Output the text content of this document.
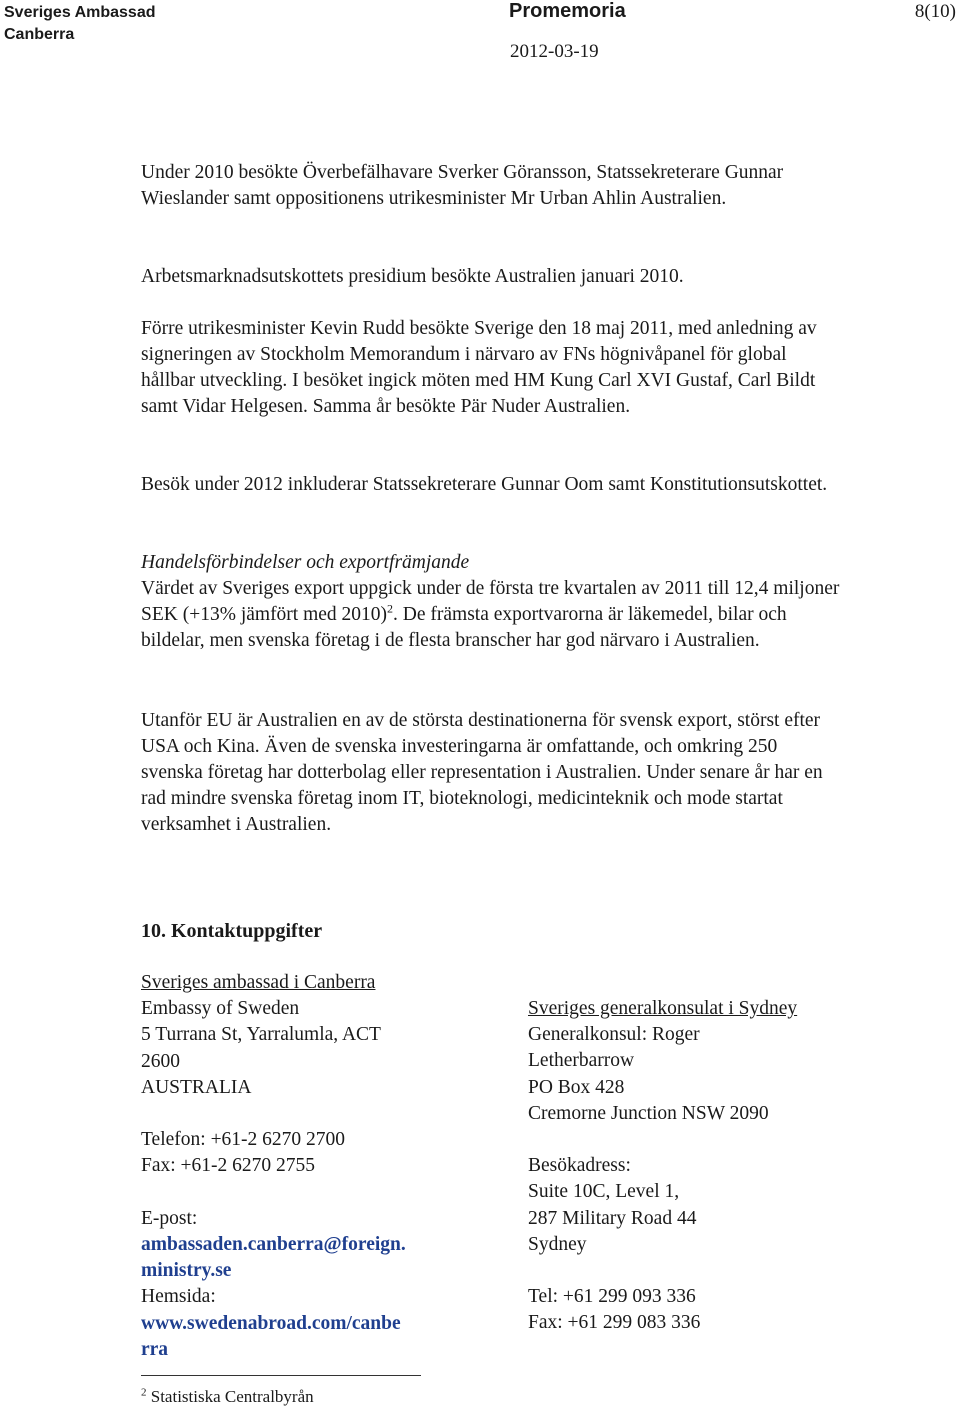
Sveriges Ambassad
Canberra
Promemoria
2012-03-19
8(10)

Under 2010 besökte Överbefälhavare Sverker Göransson, Statssekreterare Gunnar Wieslander samt oppositionens utrikesminister Mr Urban Ahlin Australien.

Arbetsmarknadsutskottets presidium besökte Australien januari 2010.

Förre utrikesminister Kevin Rudd besökte Sverige den 18 maj 2011, med anledning av signeringen av Stockholm Memorandum i närvaro av FNs högnivåpanel för global hållbar utveckling. I besöket ingick möten med HM Kung Carl XVI Gustaf, Carl Bildt samt Vidar Helgesen. Samma år besökte Pär Nuder Australien.

Besök under 2012 inkluderar Statssekreterare Gunnar Oom samt Konstitutionsutskottet.

Handelsförbindelser och exportfrämjande

Värdet av Sveriges export uppgick under de första tre kvartalen av 2011 till 12,4 miljoner SEK (+13% jämfört med 2010)$^2$. De främsta exportvarorna är läkemedel, bilar och bildelar, men svenska företag i de flesta branscher har god närvaro i Australien.

Utanför EU är Australien en av de största destinationerna för svensk export, störst efter USA och Kina. Även de svenska investeringarna är omfattande, och omkring 250 svenska företag har dotterbolag eller representation i Australien. Under senare år har en rad mindre svenska företag inom IT, bioteknologi, medicinteknik och mode startat verksamhet i Australien.

10. Kontaktuppgifter
Sveriges ambassad i Canberra
Embassy of Sweden
5 Turrana St, Yarralumla, ACT
2600
AUSTRALIA
Telefon: +61-2 6270 2700
Fax: +61-2 6270 2755
E-post:
ambassaden.canberra@foreign.
ministry.se
Hemsida:
www.swedenabroad.com/canbe
rra
Sveriges generalkonsulat i Sydney
Generalkonsul: Roger
Letherbarrow
PO Box 428
Cremorne Junction NSW 2090
Besökadress:
Suite 10C, Level 1,
287 Military Road 44
Sydney
Tel: +61 299 093 336
Fax: +61 299 083 336
$^2$ Statistiska Centralbyrån
